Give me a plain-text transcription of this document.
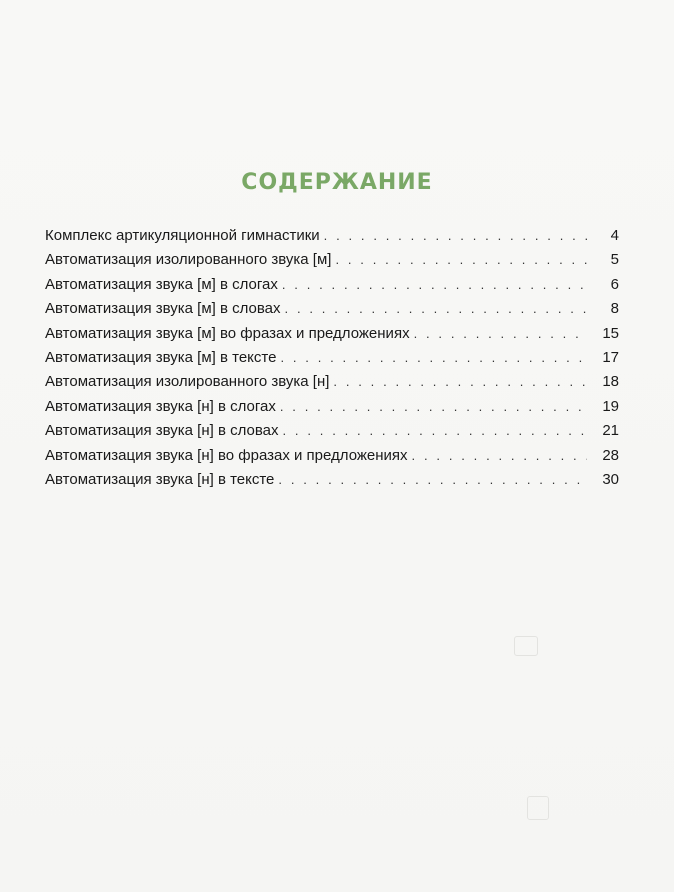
СОДЕРЖАНИЕ
Комплекс артикуляционной гимнастики . . .	4
Автоматизация изолированного звука [м] . . .	5
Автоматизация звука [м] в слогах . . .	6
Автоматизация звука [м] в словах . . .	8
Автоматизация звука [м] во фразах и предложениях . . .	15
Автоматизация звука [м] в тексте . . .	17
Автоматизация изолированного звука [н] . . .	18
Автоматизация звука [н] в слогах . . .	19
Автоматизация звука [н] в словах . . .	21
Автоматизация звука [н] во фразах и предложениях . . .	28
Автоматизация звука [н] в тексте . . .	30
